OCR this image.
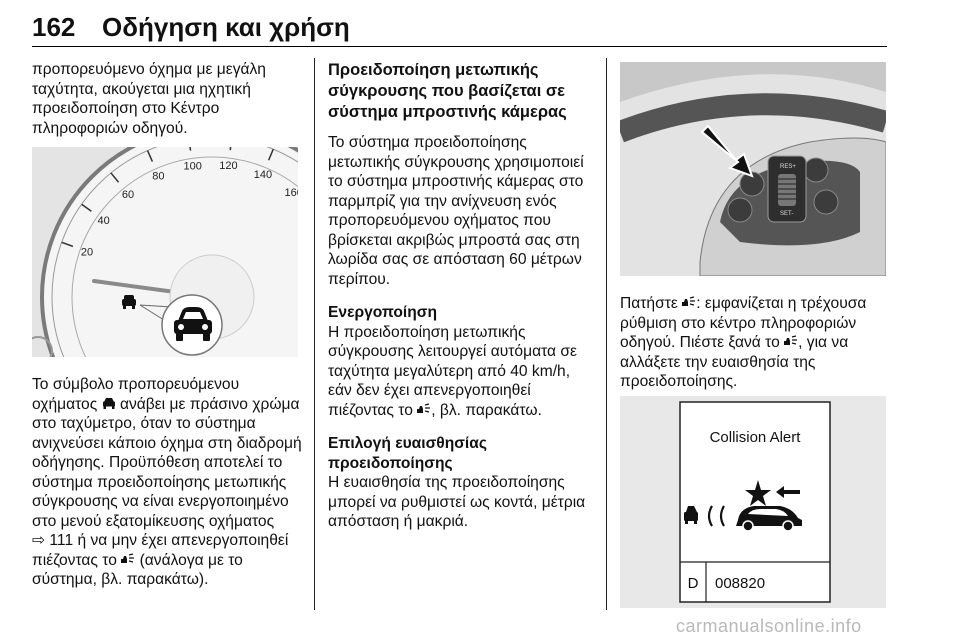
162 Οδήγηση και χρήση

προπορευόμενο όχημα με μεγάλη ταχύτητα, ακούγεται μια ηχητική προειδοποίηση στο Κέντρο πληροφοριών οδηγού.

20
40
60
80
100 120
140
16
Το σύμβολο προπορευόμενου οχήματος ανάβει με πράσινο χρώμα στο ταχύμετρο, όταν το σύστημα ανιχνεύσει κάποιο όχημα στη διαδρομή οδήγησης. Προϋπόθεση αποτελεί το σύστημα προειδοποίησης μετωπικής σύγκρουσης να είναι ενεργοποιημένο στο μενού εξατομίκευσης οχήματος
⇨ 111 ή να μην έχει απενεργοποιηθεί πιέζοντας το (ανάλογα με το σύστημα, βλ. παρακάτω).

Προειδοποίηση μετωπικής σύγκρουσης που βασίζεται σε σύστημα μπροστινής κάμερας

Το σύστημα προειδοποίησης μετωπικής σύγκρουσης χρησιμοποιεί το σύστημα μπροστινής κάμερας στο παρμπρίζ για την ανίχνευση ενός προπορευόμενου οχήματος που βρίσκεται ακριβώς μπροστά σας στη λωρίδα σας σε απόσταση 60 μέτρων περίπου.

Ενεργοποίηση

Η προειδοποίηση μετωπικής σύγκρουσης λειτουργεί αυτόματα σε ταχύτητα μεγαλύτερη από 40 km/h, εάν δεν έχει απενεργοποιηθεί πιέζοντας το , βλ. παρακάτω.

Επιλογή ευαισθησίας προειδοποίησης

Η ευαισθησία της προειδοποίησης μπορεί να ρυθμιστεί ως κοντά, μέτρια απόσταση ή μακριά.

RES+
SET-
Πατήστε : εμφανίζεται η τρέχουσα ρύθμιση στο κέντρο πληροφοριών οδηγού. Πιέστε ξανά το , για να αλλάξετε την ευαισθησία της προειδοποίησης.
Collision Alert
D 008820
carmanualsonline.info
